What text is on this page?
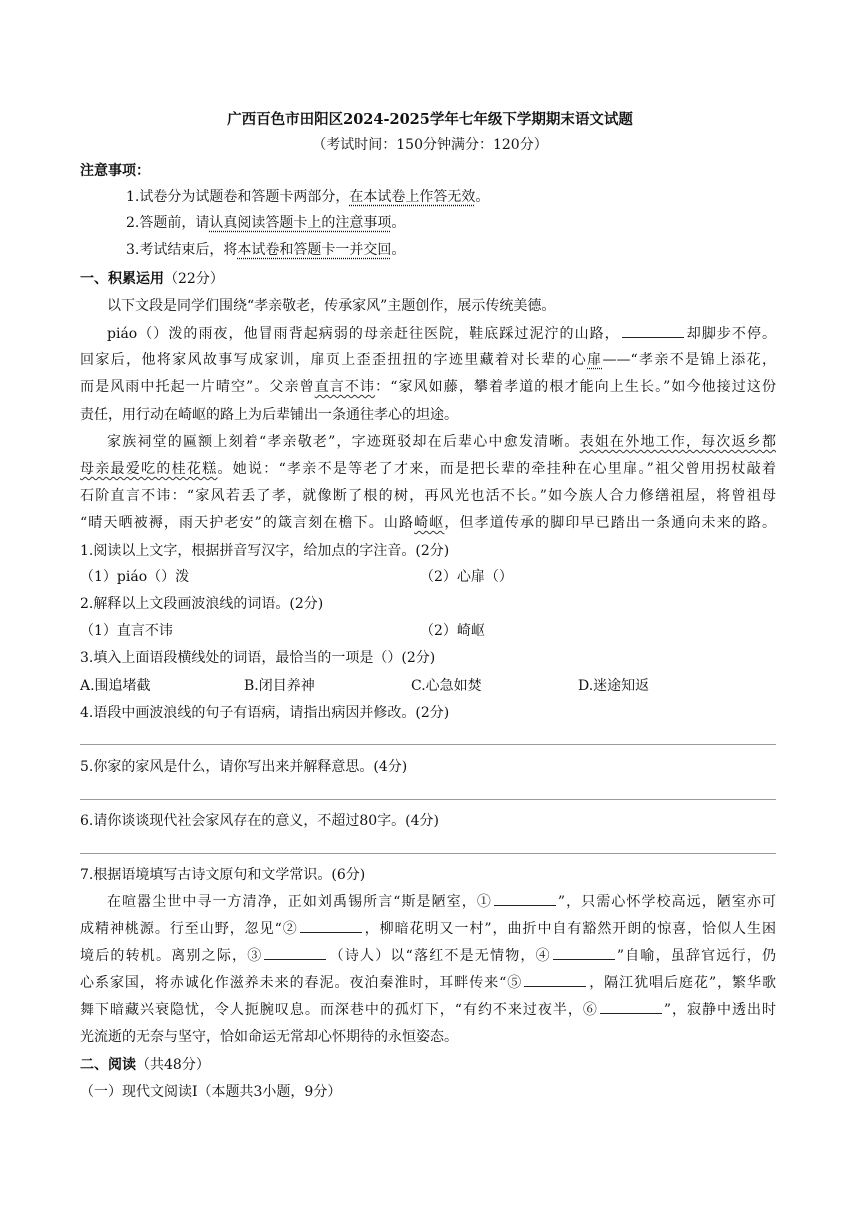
广西百色市田阳区2024-2025学年七年级下学期期末语文试题
（考试时间：150分钟满分：120分）
注意事项：
1.试卷分为试题卷和答题卡两部分，在本试卷上作答无效。
2.答题前，请认真阅读答题卡上的注意事项。
3.考试结束后，将本试卷和答题卡一并交回。
一、积累运用（22分）
以下文段是同学们围绕“孝亲敬老，传承家风”主题创作，展示传统美德。
piáo（）泼的雨夜，他冒雨背起病弱的母亲赶往医院，鞋底踩过泥泞的山路，	却脚步不停。
回家后，他将家风故事写成家训，扉页上歪歪扭扭的字迹里藏着对长辈的心扉——“孝亲不是锦上添花，
而是风雨中托起一片晴空”。父亲曾直言不讳：“家风如藤，攀着孝道的根才能向上生长。”如今他接过这份
责任，用行动在崎岖的路上为后辈铺出一条通往孝心的坦途。
家族祠堂的匾额上刻着“孝亲敬老”，字迹斑驳却在后辈心中愈发清晰。表姐在外地工作，每次返乡都
母亲最爱吃的桂花糕。她说：“孝亲不是等老了才来，而是把长辈的牵挂种在心里扉。”祖父曾用拐杖敲着
石阶直言不讳：“家风若丢了孝，就像断了根的树，再风光也活不长。”如今族人合力修缮祖屋，将曾祖母
“晴天晒被褥，雨天护老安”的箴言刻在檐下。山路崎岖，但孝道传承的脚印早已踏出一条通向未来的路。
1.阅读以上文字，根据拼音写汉字，给加点的字注音。(2分)
（1）piáo（）泼	（2）心扉（）
2.解释以上文段画波浪线的词语。(2分)
（1）直言不讳	（2）崎岖
3.填入上面语段横线处的词语，最恰当的一项是（）(2分)
A.围追堵截	B.闭目养神	C.心急如焚	D.迷途知返
4.语段中画波浪线的句子有语病，请指出病因并修改。(2分)
5.你家的家风是什么，请你写出来并解释意思。(4分)
6.请你谈谈现代社会家风存在的意义，不超过80字。(4分)
7.根据语境填写古诗文原句和文学常识。(6分)
在喧嚣尘世中寻一方清净，正如刘禹锡所言“斯是陋室，①	”，只需心怀学校高远，陋室亦可
成精神桃源。行至山野，忽见“②	，柳暗花明又一村”，曲折中自有豁然开朗的惊喜，恰似人生困
境后的转机。离别之际，③	（诗人）以“落红不是无情物，④	”自喻，虽辞官远行，仍
心系家国，将赤诚化作滋养未来的春泥。夜泊秦淮时，耳畔传来“⑤	，隔江犹唱后庭花”，繁华歌
舞下暗藏兴衰隐忧，令人扼腕叹息。而深巷中的孤灯下，“有约不来过夜半，⑥	”，寂静中透出时
光流逝的无奈与坚守，恰如命运无常却心怀期待的永恒姿态。
二、阅读（共48分）
（一）现代文阅读Ⅰ（本题共3小题，9分）
